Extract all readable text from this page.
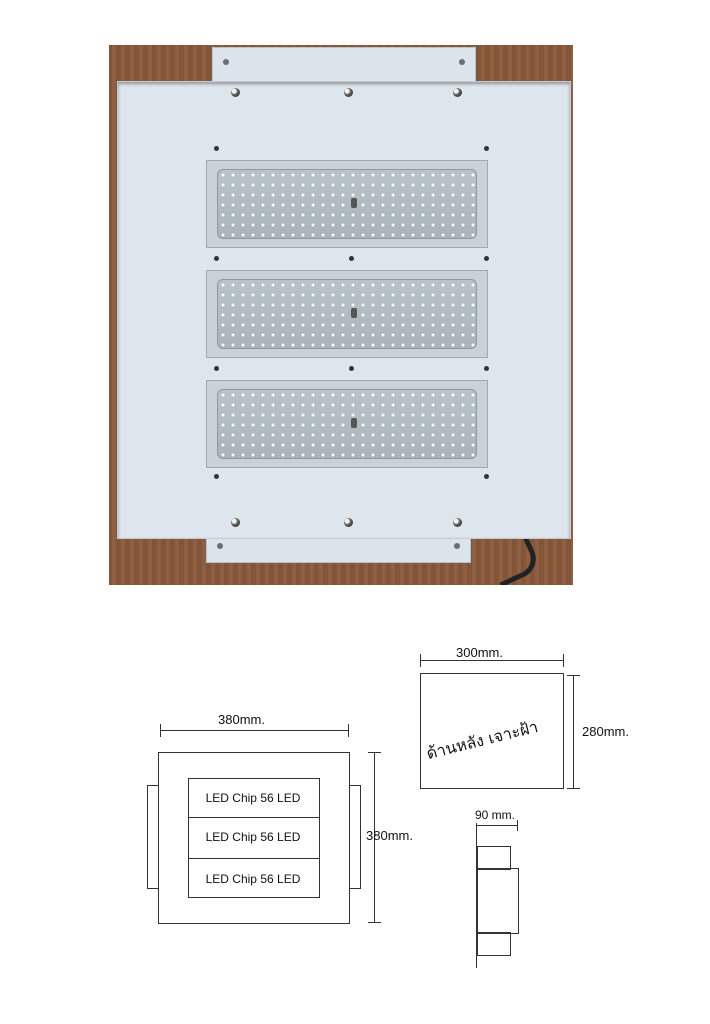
380mm.
LED Chip 56 LED
LED Chip 56 LED
LED Chip 56 LED
380mm.
300mm.
ด้านหลัง เจาะฝ้า	280mm.
90 mm.
